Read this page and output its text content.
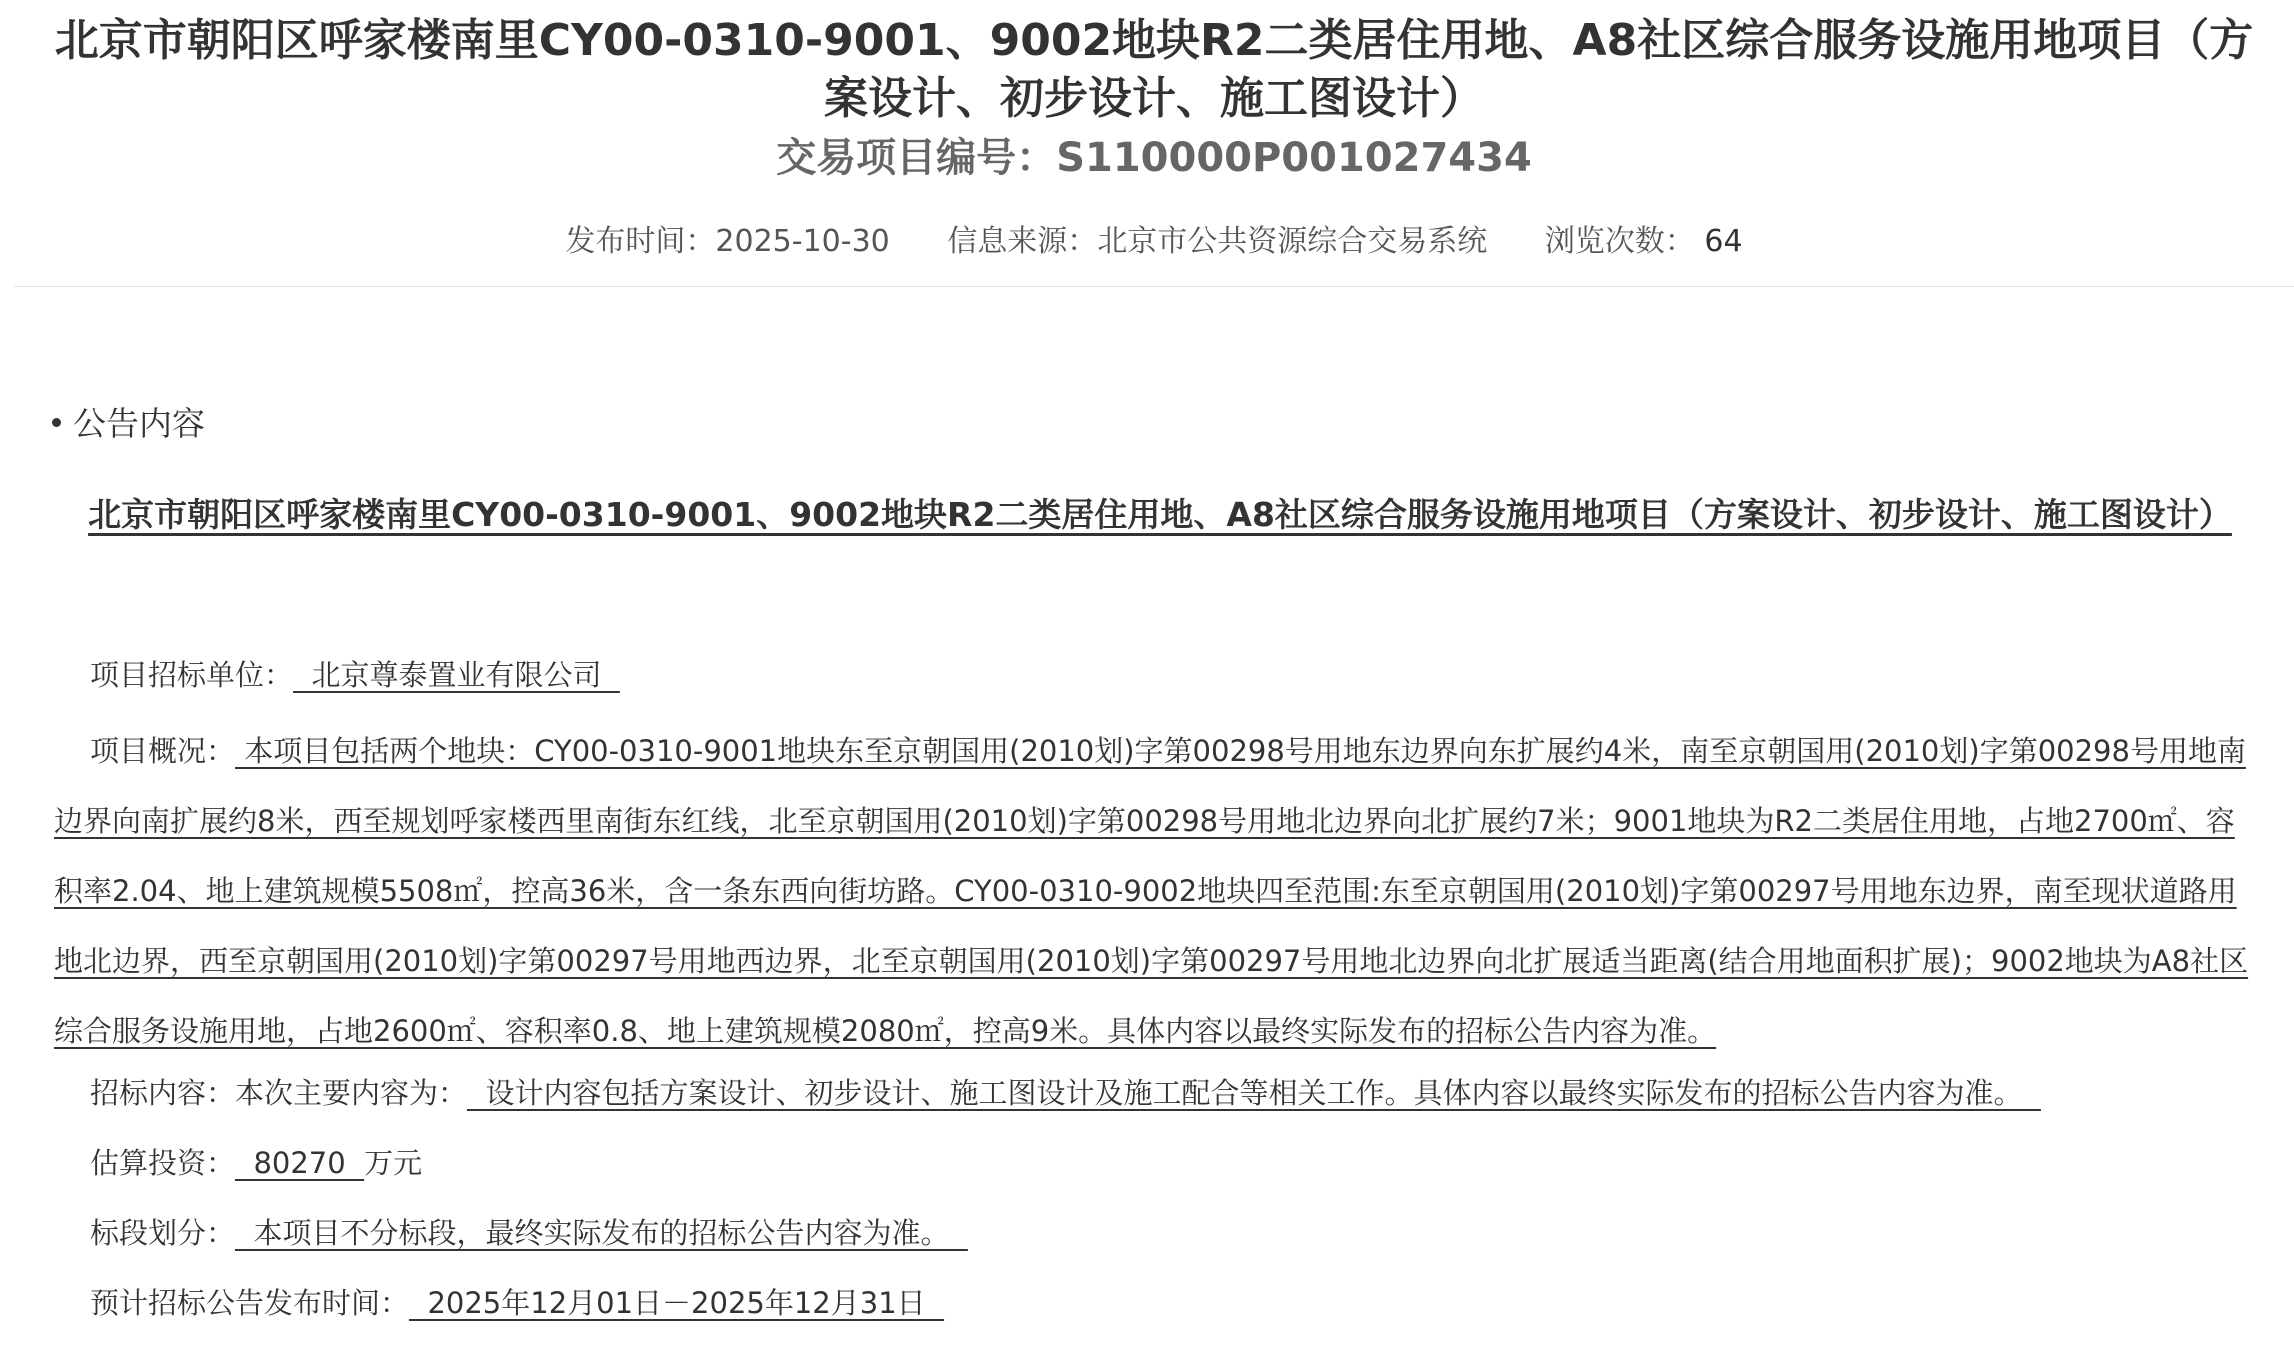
北京市朝阳区呼家楼南里CY00-0310-9001、9002地块R2二类居住用地、A8社区综合服务设施用地项目（方案设计、初步设计、施工图设计）
交易项目编号：S110000P001027434
发布时间：2025-10-30 信息来源：北京市公共资源综合交易系统 浏览次数： 64
公告内容
北京市朝阳区呼家楼南里CY00-0310-9001、9002地块R2二类居住用地、A8社区综合服务设施用地项目（方案设计、初步设计、施工图设计）
项目招标单位：  北京尊泰置业有限公司
项目概况： 本项目包括两个地块：CY00-0310-9001地块东至京朝国用(2010划)字第00298号用地东边界向东扩展约4米，南至京朝国用(2010划)字第00298号用地南边界向南扩展约8米，西至规划呼家楼西里南街东红线，北至京朝国用(2010划)字第00298号用地北边界向北扩展约7米；9001地块为R2二类居住用地，占地2700㎡、容积率2.04、地上建筑规模5508㎡，控高36米，含一条东西向街坊路。CY00-0310-9002地块四至范围:东至京朝国用(2010划)字第00297号用地东边界，南至现状道路用地北边界，西至京朝国用(2010划)字第00297号用地西边界，北至京朝国用(2010划)字第00297号用地北边界向北扩展适当距离(结合用地面积扩展)；9002地块为A8社区综合服务设施用地，占地2600㎡、容积率0.8、地上建筑规模2080㎡，控高9米。具体内容以最终实际发布的招标公告内容为准。
招标内容：本次主要内容为：  设计内容包括方案设计、初步设计、施工图设计及施工配合等相关工作。具体内容以最终实际发布的招标公告内容为准。
估算投资：  80270  万元
标段划分：  本项目不分标段，最终实际发布的招标公告内容为准。
预计招标公告发布时间：  2025年12月01日－2025年12月31日
